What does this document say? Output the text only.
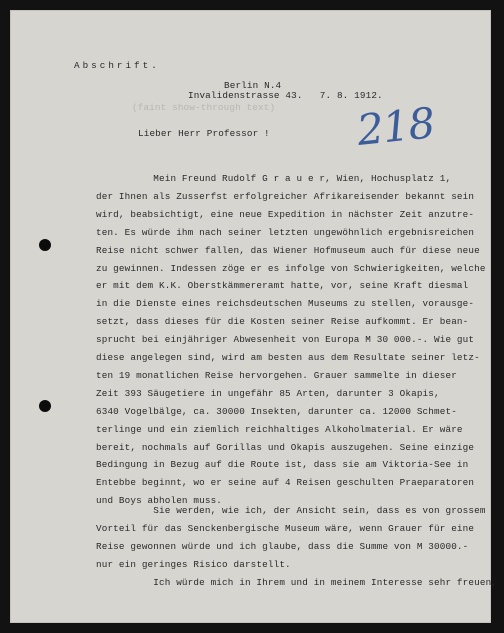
Abschrift.
Berlin N.4
Invalidenstrasse 43.   7. 8. 1912.
(faint show-through text) 218
Lieber Herr Professor !
Mein Freund Rudolf G r a u e r, Wien, Hochusplatz 1,
der Ihnen als Zusserfst erfolgreicher Afrikareisender bekannt sein
wird, beabsichtigt, eine neue Expedition in nächster Zeit anzutre-
ten. Es würde ihm nach seiner letzten ungewöhnlich ergebnisreichen
Reise nicht schwer fallen, das Wiener Hofmuseum auch für diese neue
zu gewinnen. Indessen zöge er es infolge von Schwierigkeiten, welche
er mit dem K.K. Oberstkämmereramt hatte, vor, seine Kraft diesmal
in die Dienste eines reichsdeutschen Museums zu stellen, vorausge-
setzt, dass dieses für die Kosten seiner Reise aufkommt. Er bean-
sprucht bei einjähriger Abwesenheit von Europa M 30 000.-. Wie gut
diese angelegen sind, wird am besten aus dem Resultate seiner letz-
ten 19 monatlichen Reise hervorgehen. Grauer sammelte in dieser
Zeit 393 Säugetiere in ungefähr 85 Arten, darunter 3 Okapis,
6340 Vogelbälge, ca. 30000 Insekten, darunter ca. 12000 Schmet-
terlinge und ein ziemlich reichhaltiges Alkoholmaterial. Er wäre
bereit, nochmals auf Gorillas und Okapis auszugehen. Seine einzige
Bedingung in Bezug auf die Route ist, dass sie am Viktoria-See in
Entebbe beginnt, wo er seine auf 4 Reisen geschulten Praeparatoren
und Boys abholen muss.
Sie werden, wie ich, der Ansicht sein, dass es von grossem
Vorteil für das Senckenbergische Museum wäre, wenn Grauer für eine
Reise gewonnen würde und ich glaube, dass die Summe von M 30000.-
nur ein geringes Risico darstellt.
Ich würde mich in Ihrem und in meinem Interesse sehr freuen,
